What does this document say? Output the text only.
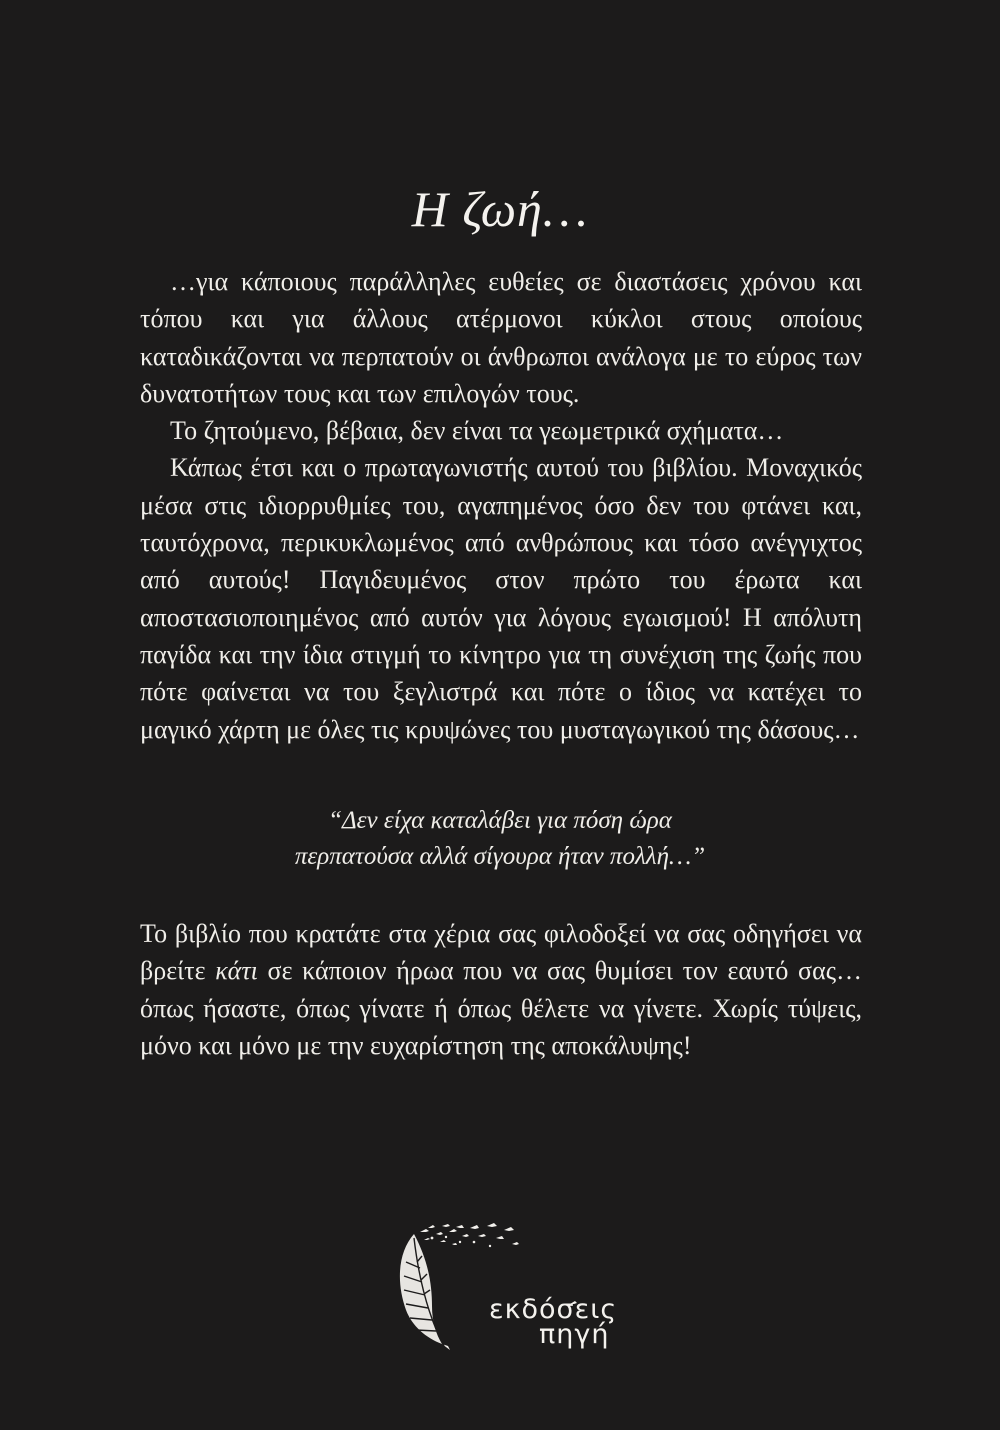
Η ζωή…

…για κάποιους παράλληλες ευθείες σε διαστάσεις χρόνου και τόπου και για άλλους ατέρμονοι κύκλοι στους οποίους καταδικάζονται να περπατούν οι άνθρωποι ανάλογα με το εύρος των δυνατοτήτων τους και των επιλογών τους.

Το ζητούμενο, βέβαια, δεν είναι τα γεωμετρικά σχήματα…

Κάπως έτσι και ο πρωταγωνιστής αυτού του βιβλίου. Μοναχικός μέσα στις ιδιορρυθμίες του, αγαπημένος όσο δεν του φτάνει και, ταυτόχρονα, περικυκλωμένος από ανθρώπους και τόσο ανέγγιχτος από αυτούς! Παγιδευμένος στον πρώτο του έρωτα και αποστασιοποιημένος από αυτόν για λόγους εγωισμού! Η απόλυτη παγίδα και την ίδια στιγμή το κίνητρο για τη συνέχιση της ζωής που πότε φαίνεται να του ξεγλιστρά και πότε ο ίδιος να κατέχει το μαγικό χάρτη με όλες τις κρυψώνες του μυσταγωγικού της δάσους…

“Δεν είχα καταλάβει για πόση ώρα
περπατούσα αλλά σίγουρα ήταν πολλή…”

Το βιβλίο που κρατάτε στα χέρια σας φιλοδοξεί να σας οδηγήσει να βρείτε κάτι σε κάποιον ήρωα που να σας θυμίσει τον εαυτό σας… όπως ήσαστε, όπως γίνατε ή όπως θέλετε να γίνετε. Χωρίς τύψεις, μόνο και μόνο με την ευχαρίστηση της αποκάλυψης!

εκδόσεις
πηγή
